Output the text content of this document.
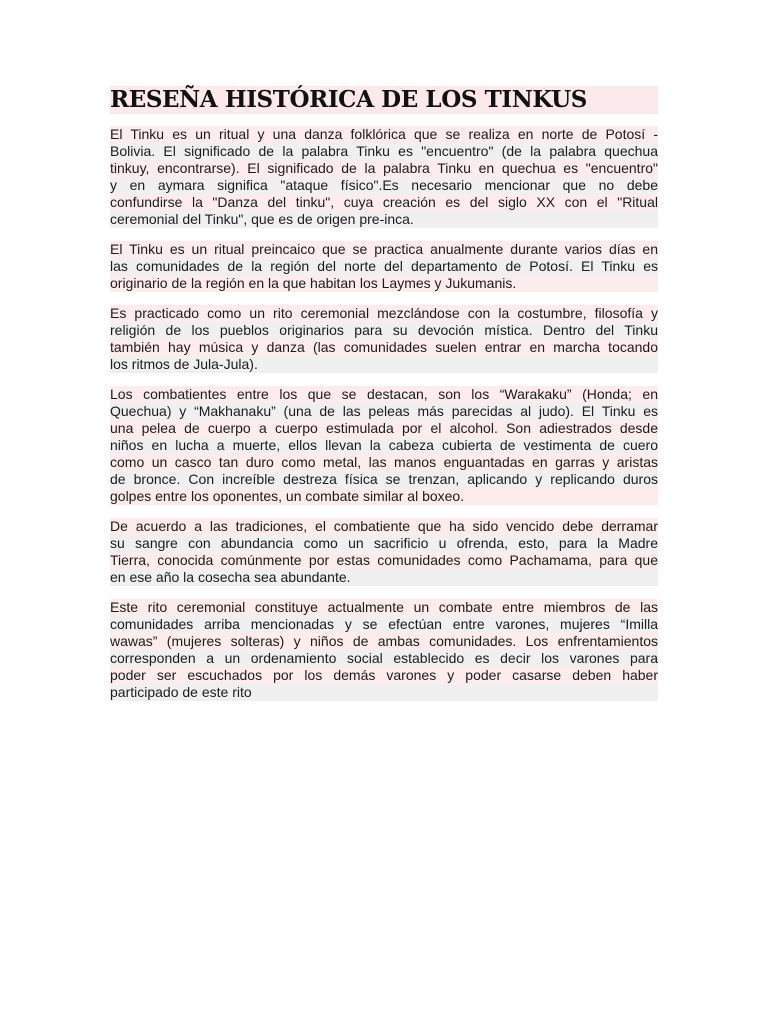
RESEÑA HISTÓRICA DE LOS TINKUS
El Tinku es un ritual y una danza folklórica que se realiza en norte de Potosí -
Bolivia. El significado de la palabra Tinku es "encuentro" (de la palabra quechua
tinkuy, encontrarse). El significado de la palabra Tinku en quechua es "encuentro"
y en aymara significa "ataque físico".Es necesario mencionar que no debe
confundirse la "Danza del tinku", cuya creación es del siglo XX con el "Ritual
ceremonial del Tinku", que es de origen pre-inca.
El Tinku es un ritual preincaico que se practica anualmente durante varios días en
las comunidades de la región del norte del departamento de Potosí. El Tinku es
originario de la región en la que habitan los Laymes y Jukumanis.
Es practicado como un rito ceremonial mezclándose con la costumbre, filosofía y
religión de los pueblos originarios para su devoción mística. Dentro del Tinku
también hay música y danza (las comunidades suelen entrar en marcha tocando
los ritmos de Jula-Jula).
Los combatientes entre los que se destacan, son los “Warakaku” (Honda; en
Quechua) y “Makhanaku” (una de las peleas más parecidas al judo). El Tinku es
una pelea de cuerpo a cuerpo estimulada por el alcohol. Son adiestrados desde
niños en lucha a muerte, ellos llevan la cabeza cubierta de vestimenta de cuero
como un casco tan duro como metal, las manos enguantadas en garras y aristas
de bronce. Con increíble destreza física se trenzan, aplicando y replicando duros
golpes entre los oponentes, un combate similar al boxeo.
De acuerdo a las tradiciones, el combatiente que ha sido vencido debe derramar
su sangre con abundancia como un sacrificio u ofrenda, esto, para la Madre
Tierra, conocida comúnmente por estas comunidades como Pachamama, para que
en ese año la cosecha sea abundante.
Este rito ceremonial constituye actualmente un combate entre miembros de las
comunidades arriba mencionadas y se efectúan entre varones, mujeres “Imilla
wawas” (mujeres solteras) y niños de ambas comunidades. Los enfrentamientos
corresponden a un ordenamiento social establecido es decir los varones para
poder ser escuchados por los demás varones y poder casarse deben haber
participado de este rito
